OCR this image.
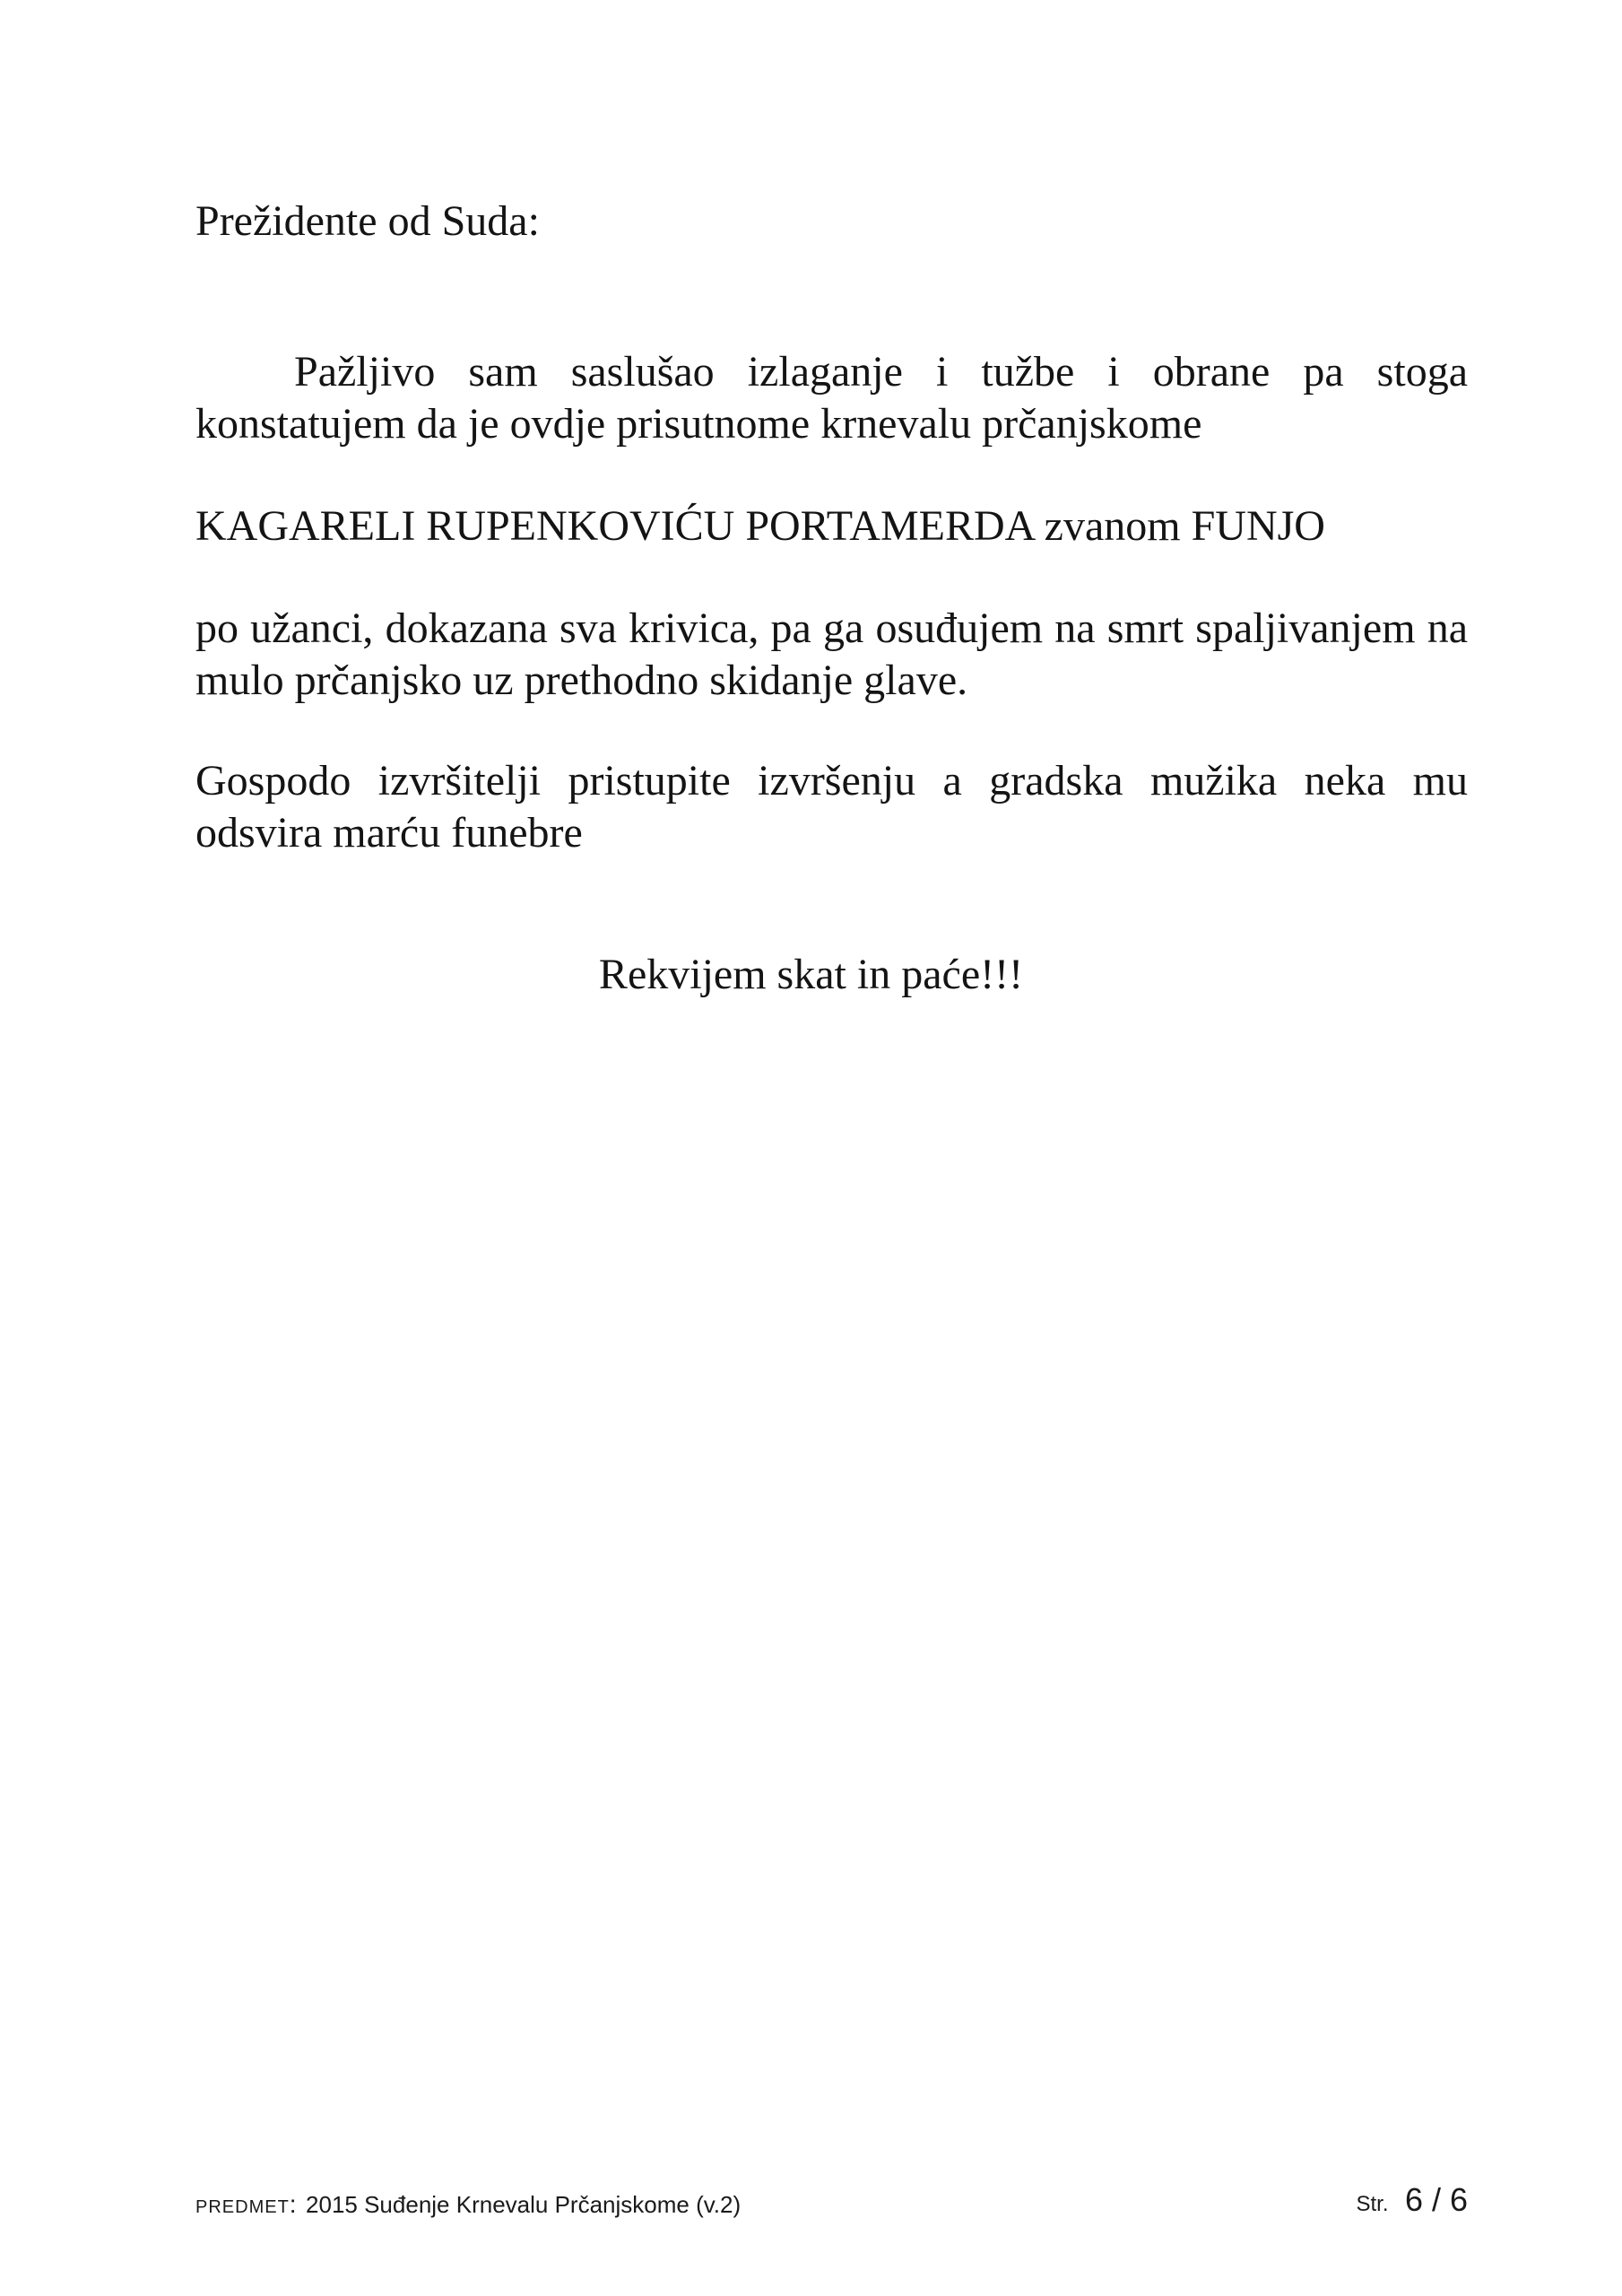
Prežidente od Suda:

Pažljivo sam saslušao izlaganje i tužbe i obrane pa stoga konstatujem da je ovdje prisutnome krnevalu prčanjskome

KAGARELI RUPENKOVIĆU PORTAMERDA zvanom FUNJO

po užanci, dokazana sva krivica, pa ga osuđujem na smrt spaljivanjem na mulo prčanjsko uz prethodno skidanje glave.

Gospodo izvršitelji pristupite izvršenju a gradska mužika neka mu odsvira marću funebre

Rekvijem skat in paće!!!

PREDMET: 2015 Suđenje Krnevalu Prčanjskome (v.2)	Str. 6 / 6
